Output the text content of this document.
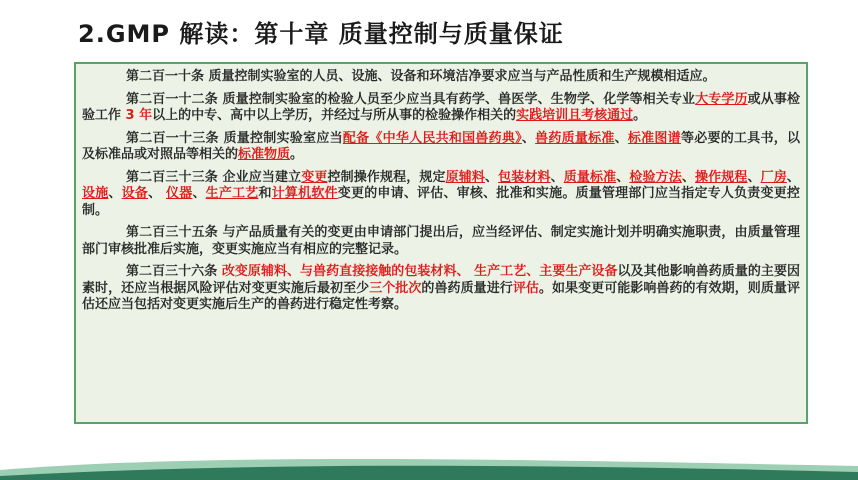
2.GMP 解读：第十章 质量控制与质量保证

第二百一十条 质量控制实验室的人员、设施、设备和环境洁净要求应当与产品性质和生产规模相适应。

第二百一十二条 质量控制实验室的检验人员至少应当具有药学、兽医学、生物学、化学等相关专业大专学历或从事检验工作 3 年以上的中专、高中以上学历，并经过与所从事的检验操作相关的实践培训且考核通过。

第二百一十三条 质量控制实验室应当配备《中华人民共和国兽药典》、兽药质量标准、标准图谱等必要的工具书，以及标准品或对照品等相关的标准物质。

第二百三十三条 企业应当建立变更控制操作规程，规定原辅料、包装材料、质量标准、检验方法、操作规程、厂房、设施、设备、 仪器、生产工艺和计算机软件变更的申请、评估、审核、批准和实施。质量管理部门应当指定专人负责变更控制。

第二百三十五条 与产品质量有关的变更由申请部门提出后，应当经评估、制定实施计划并明确实施职责，由质量管理部门审核批准后实施，变更实施应当有相应的完整记录。

第二百三十六条 改变原辅料、与兽药直接接触的包装材料、 生产工艺、主要生产设备以及其他影响兽药质量的主要因素时，还应当根据风险评估对变更实施后最初至少三个批次的兽药质量进行评估。如果变更可能影响兽药的有效期，则质量评估还应当包括对变更实施后生产的兽药进行稳定性考察。
